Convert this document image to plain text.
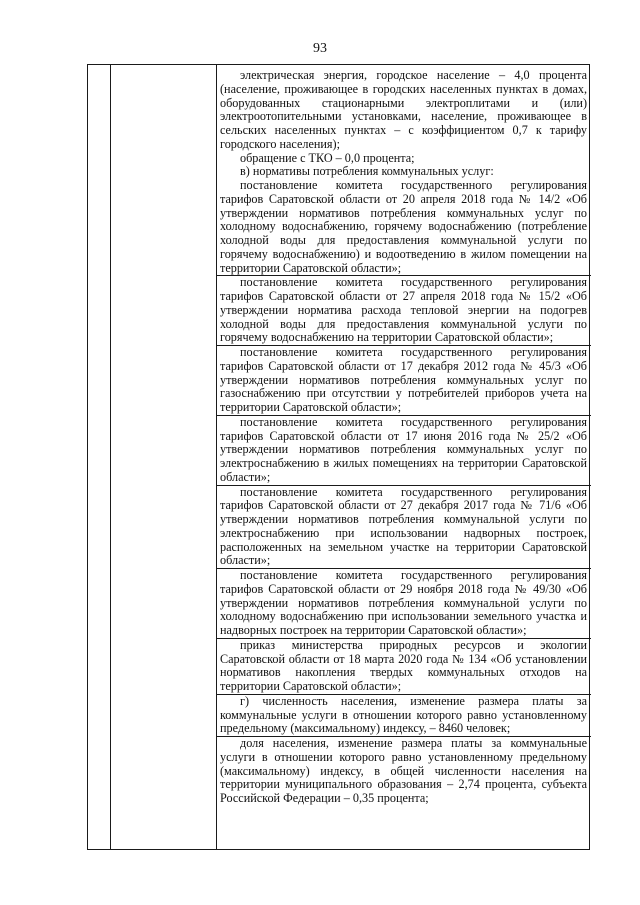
93

электрическая энергия, городское население – 4,0 процента (население, проживающее в городских населенных пунктах в домах, оборудованных стационарными электроплитами и (или) электроотопительными установками, население, проживающее в сельских населенных пунктах – с коэффициентом 0,7 к тарифу городского населения);

обращение с ТКО – 0,0 процента;

в) нормативы потребления коммунальных услуг:

постановление комитета государственного регулирования тарифов Саратовской области от 20 апреля 2018 года № 14/2 «Об утверждении нормативов потребления коммунальных услуг по холодному водоснабжению, горячему водоснабжению (потребление холодной воды для предоставления коммунальной услуги по горячему водоснабжению) и водоотведению в жилом помещении на территории Саратовской области»;

постановление комитета государственного регулирования тарифов Саратовской области от 27 апреля 2018 года № 15/2 «Об утверждении норматива расхода тепловой энергии на подогрев холодной воды для предоставления коммунальной услуги по горячему водоснабжению на территории Саратовской области»;

постановление комитета государственного регулирования тарифов Саратовской области от 17 декабря 2012 года № 45/3 «Об утверждении нормативов потребления коммунальных услуг по газоснабжению при отсутствии у потребителей приборов учета на территории Саратовской области»;

постановление комитета государственного регулирования тарифов Саратовской области от 17 июня 2016 года № 25/2 «Об утверждении нормативов потребления коммунальных услуг по электроснабжению в жилых помещениях на территории Саратовской области»;

постановление комитета государственного регулирования тарифов Саратовской области от 27 декабря 2017 года № 71/6 «Об утверждении нормативов потребления коммунальной услуги по электроснабжению при использовании надворных построек, расположенных на земельном участке на территории Саратовской области»;

постановление комитета государственного регулирования тарифов Саратовской области от 29 ноября 2018 года № 49/30 «Об утверждении нормативов потребления коммунальной услуги по холодному водоснабжению при использовании земельного участка и надворных построек на территории Саратовской области»;

приказ министерства природных ресурсов и экологии Саратовской области от 18 марта 2020 года № 134 «Об установлении нормативов накопления твердых коммунальных отходов на территории Саратовской области»;

г) численность населения, изменение размера платы за коммунальные услуги в отношении которого равно установленному предельному (максимальному) индексу, – 8460 человек;

доля населения, изменение размера платы за коммунальные услуги в отношении которого равно установленному предельному (максимальному) индексу, в общей численности населения на территории муниципального образования – 2,74 процента, субъекта Российской Федерации – 0,35 процента;
